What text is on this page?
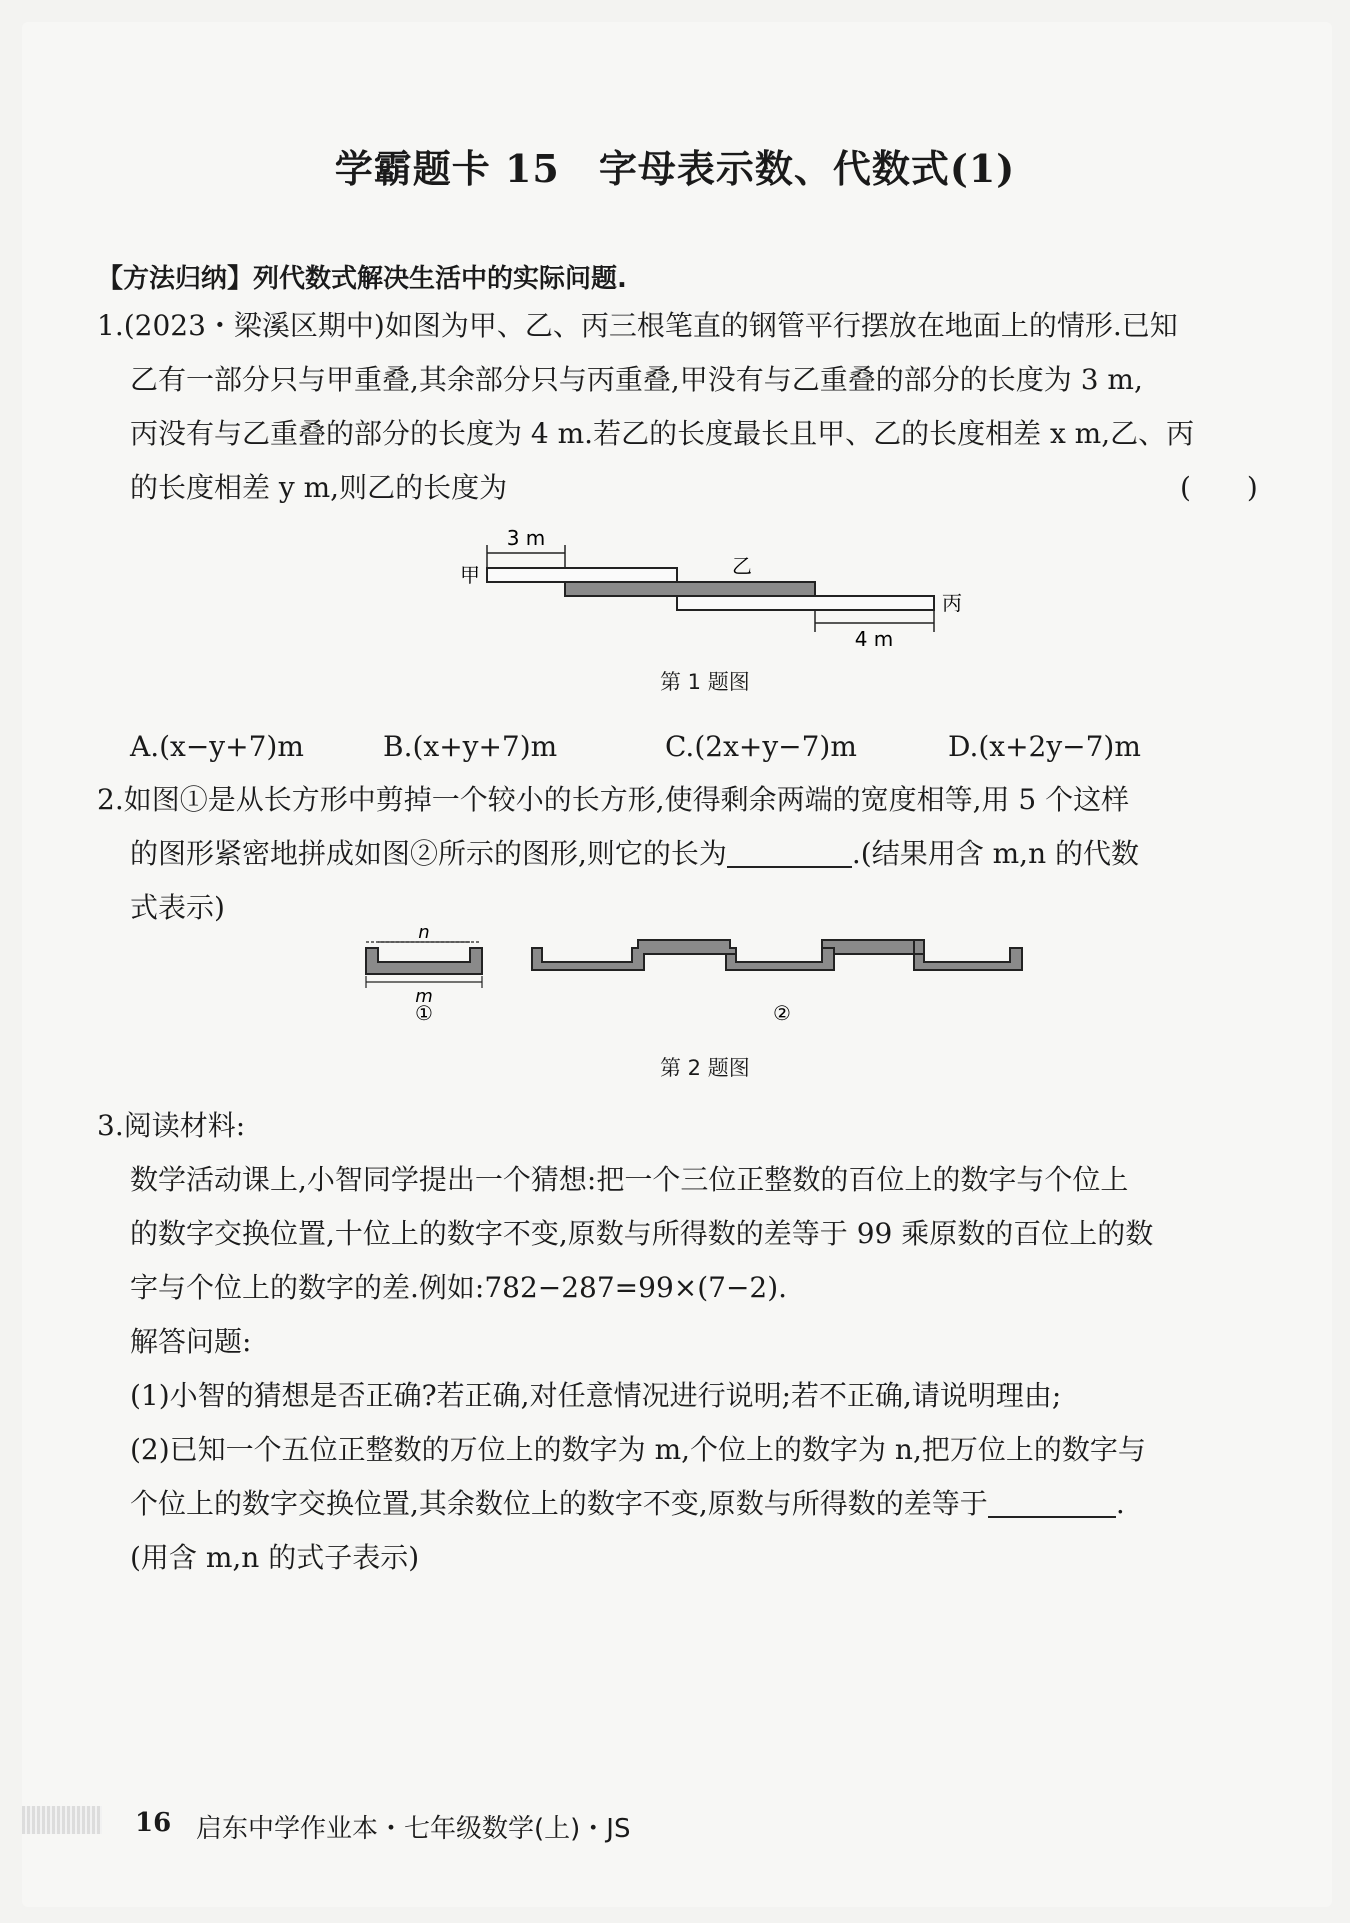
学霸题卡 15　字母表示数、代数式(1)
【方法归纳】列代数式解决生活中的实际问题.
1.(2023・梁溪区期中)如图为甲、乙、丙三根笔直的钢管平行摆放在地面上的情形.已知
乙有一部分只与甲重叠,其余部分只与丙重叠,甲没有与乙重叠的部分的长度为 3 m,
丙没有与乙重叠的部分的长度为 4 m.若乙的长度最长且甲、乙的长度相差 x m,乙、丙
的长度相差 y m,则乙的长度为	(　　)
3 m
甲	乙
丙
4 m
第 1 题图
A.(x−y+7)m	B.(x+y+7)m	C.(2x+y−7)m	D.(x+2y−7)m
2.如图①是从长方形中剪掉一个较小的长方形,使得剩余两端的宽度相等,用 5 个这样
的图形紧密地拼成如图②所示的图形,则它的长为	.(结果用含 m,n 的代数
式表示)
n
m
①	②
第 2 题图
3.阅读材料:
数学活动课上,小智同学提出一个猜想:把一个三位正整数的百位上的数字与个位上
的数字交换位置,十位上的数字不变,原数与所得数的差等于 99 乘原数的百位上的数
字与个位上的数字的差.例如:782−287=99×(7−2).
解答问题:
(1)小智的猜想是否正确?若正确,对任意情况进行说明;若不正确,请说明理由;
(2)已知一个五位正整数的万位上的数字为 m,个位上的数字为 n,把万位上的数字与
个位上的数字交换位置,其余数位上的数字不变,原数与所得数的差等于	.
(用含 m,n 的式子表示)
16 启东中学作业本・七年级数学(上)・JS
